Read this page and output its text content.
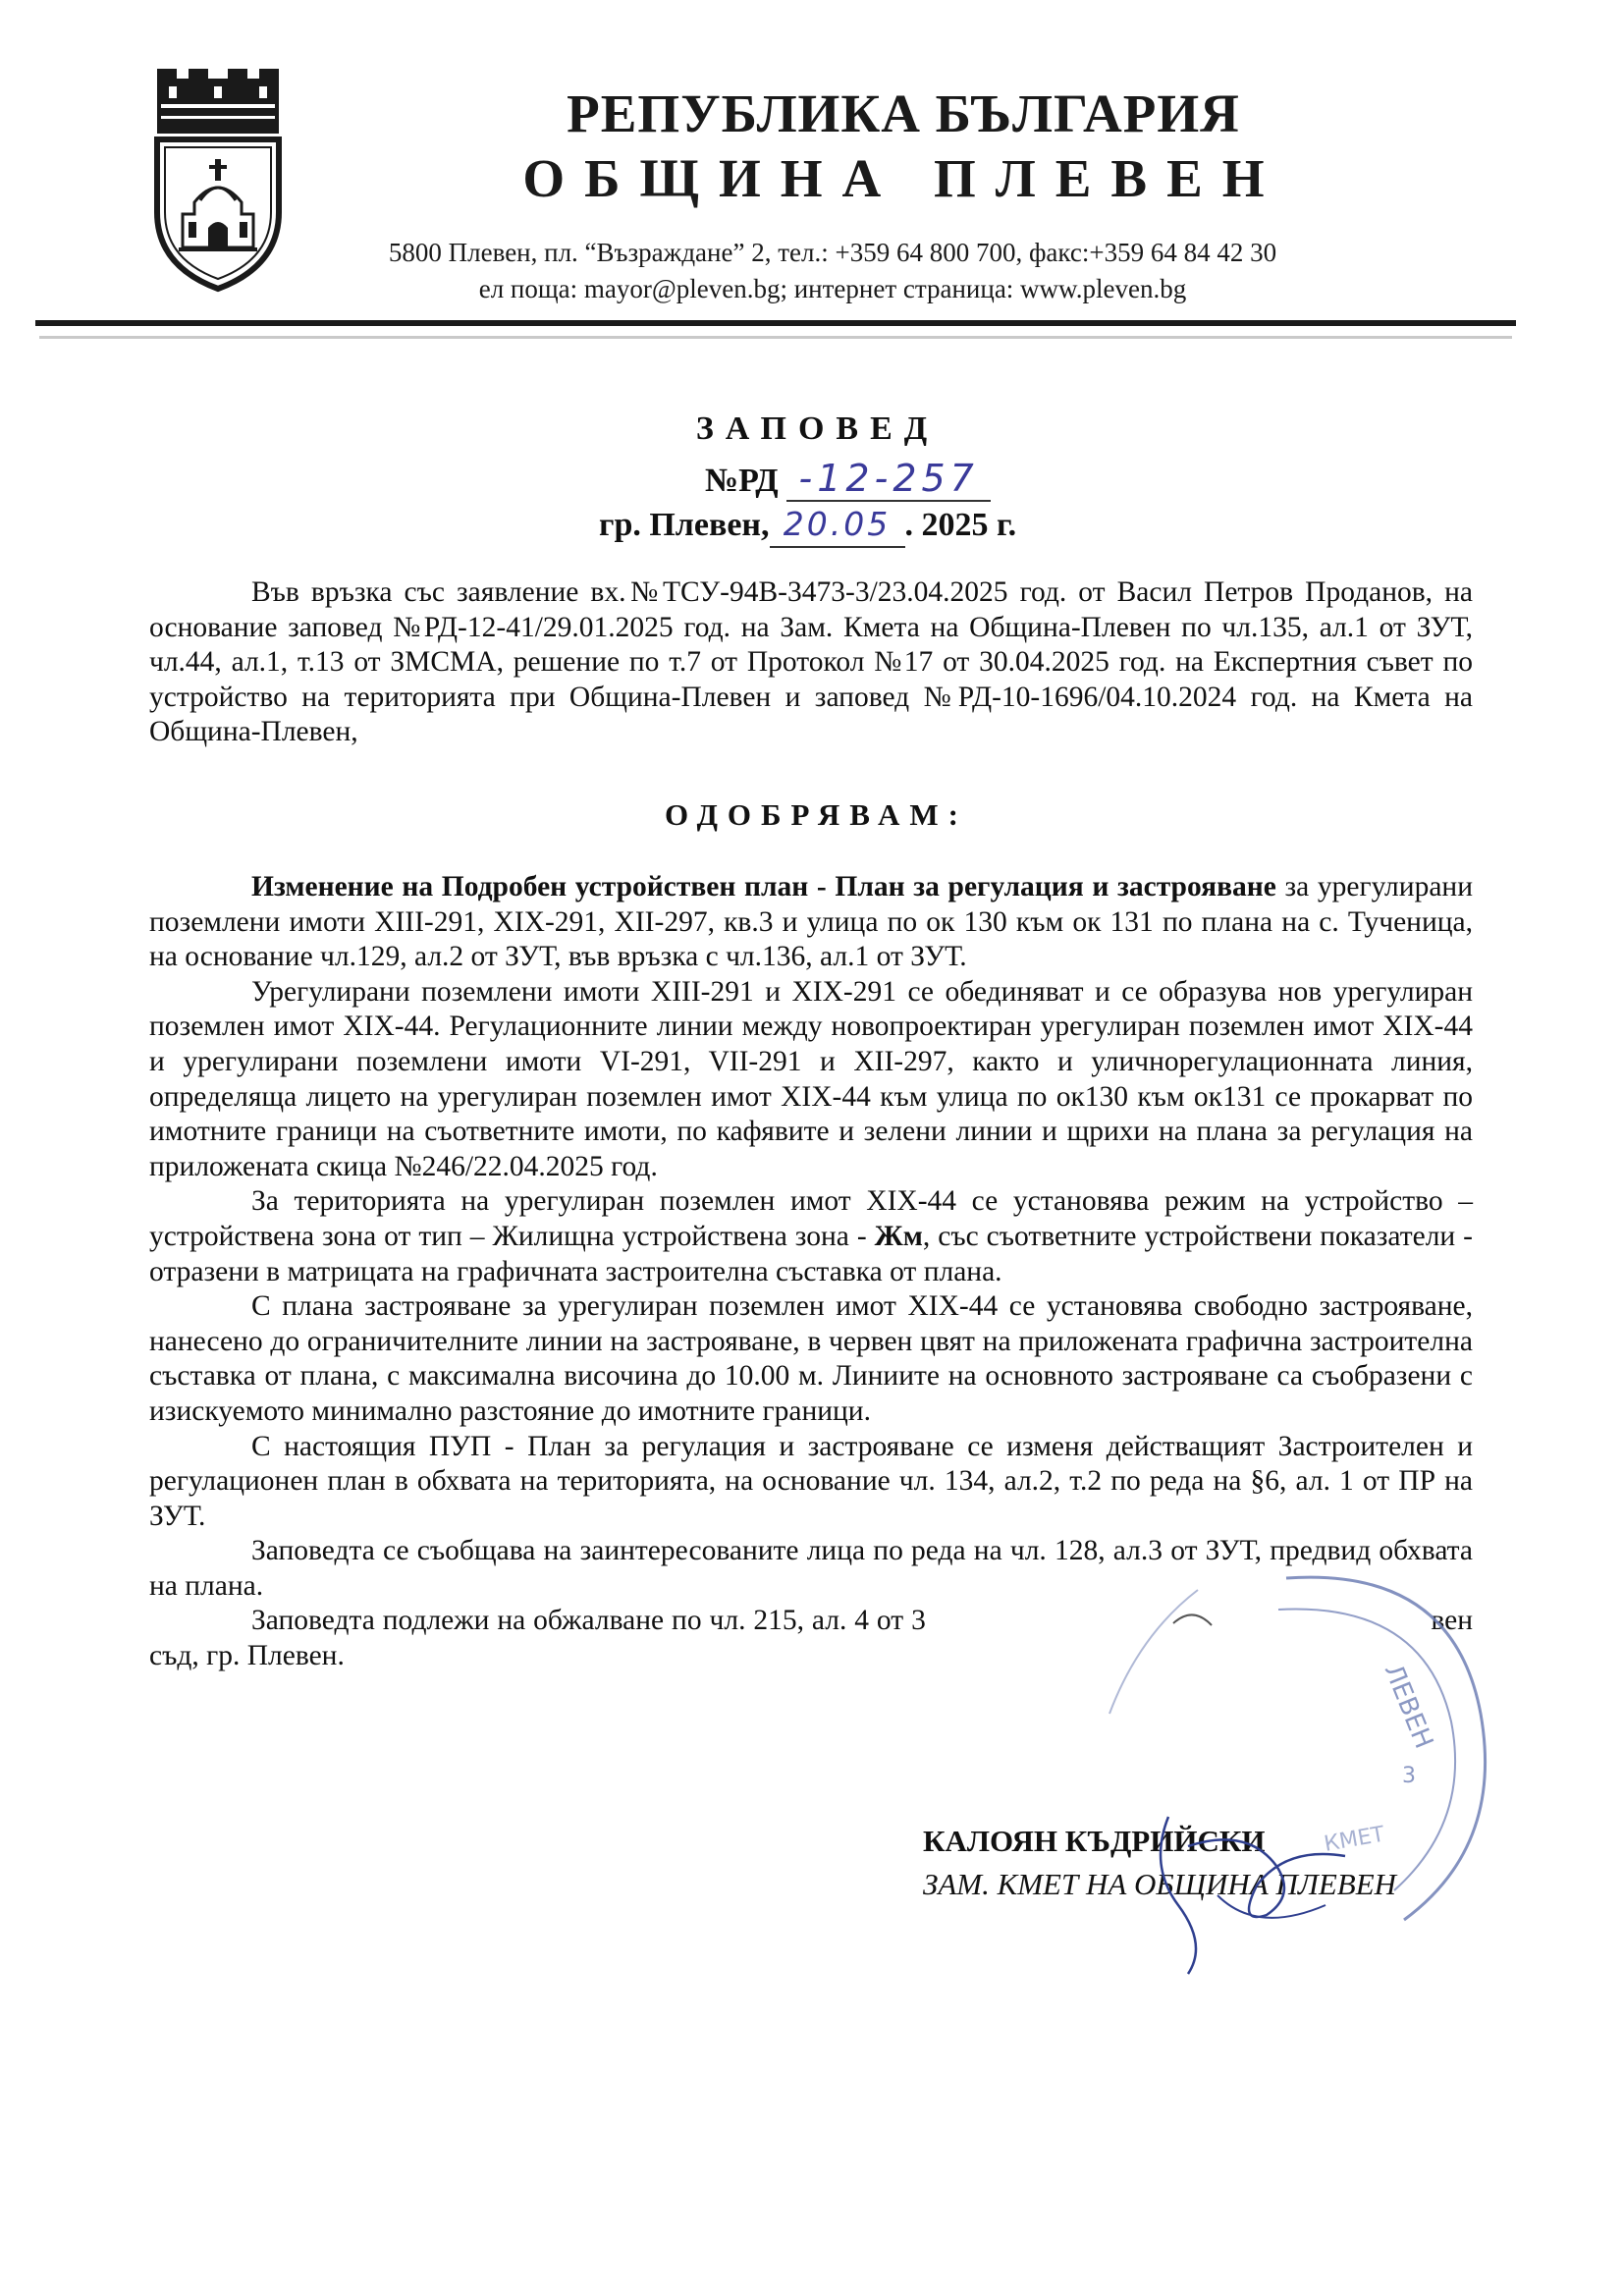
РЕПУБЛИКА БЪЛГАРИЯ
ОБЩИНА ПЛЕВЕН
5800 Плевен, пл. “Възраждане” 2, тел.: +359 64 800 700, факс:+359 64 84 42 30
ел поща: mayor@pleven.bg; интернет страница: www.pleven.bg
ЗАПОВЕД
№РД -12-257
гр. Плевен, 20.05 . 2025 г.

Във връзка със заявление вх.№ТСУ-94В-3473-3/23.04.2025 год. от Васил Петров Проданов, на основание заповед №РД-12-41/29.01.2025 год. на Зам. Кмета на Община-Плевен по чл.135, ал.1 от ЗУТ, чл.44, ал.1, т.13 от ЗМСМА, решение по т.7 от Протокол №17 от 30.04.2025 год. на Експертния съвет по устройство на територията при Община-Плевен и заповед №РД-10-1696/04.10.2024 год. на Кмета на Община-Плевен,

ОДОБРЯВАМ:

Изменение на Подробен устройствен план - План за регулация и застрояване за урегулирани поземлени имоти XIII-291, XIX-291, XII-297, кв.3 и улица по ок 130 към ок 131 по плана на с. Тученица, на основание чл.129, ал.2 от ЗУТ, във връзка с чл.136, ал.1 от ЗУТ.

Урегулирани поземлени имоти XIII-291 и XIX-291 се обединяват и се образува нов урегулиран поземлен имот XIX-44. Регулационните линии между новопроектиран урегулиран поземлен имот XIX-44 и урегулирани поземлени имоти VI-291, VII-291 и XII-297, както и уличнорегулационната линия, определяща лицето на урегулиран поземлен имот XIX-44 към улица по ок130 към ок131 се прокарват по имотните граници на съответните имоти, по кафявите и зелени линии и щрихи на плана за регулация на приложената скица №246/22.04.2025 год.

За територията на урегулиран поземлен имот XIX-44 се установява режим на устройство – устройствена зона от тип – Жилищна устройствена зона - Жм, със съответните устройствени показатели - отразени в матрицата на графичната застроителна съставка от плана.

С плана застрояване за урегулиран поземлен имот XIX-44 се установява свободно застрояване, нанесено до ограничителните линии на застрояване, в червен цвят на приложената графична застроителна съставка от плана, с максимална височина до 10.00 м. Линиите на основното застрояване са съобразени с изискуемото минимално разстояние до имотните граници.

С настоящия ПУП - План за регулация и застрояване се изменя действащият Застроителен и регулационен план в обхвата на територията, на основание чл. 134, ал.2, т.2 по реда на §6, ал. 1 от ПР на ЗУТ.

Заповедта се съобщава на заинтересованите лица по реда на чл. 128, ал.3 от ЗУТ, предвид обхвата на плана.

Заповедта подлежи на обжалване по чл. 215, ал. 4 от 3                                                                 вен съд, гр. Плевен.

ЛЕВЕН
3
КМЕТ
КАЛОЯН КЪДРИЙСКИ
ЗАМ. КМЕТ НА ОБЩИНА ПЛЕВЕН
